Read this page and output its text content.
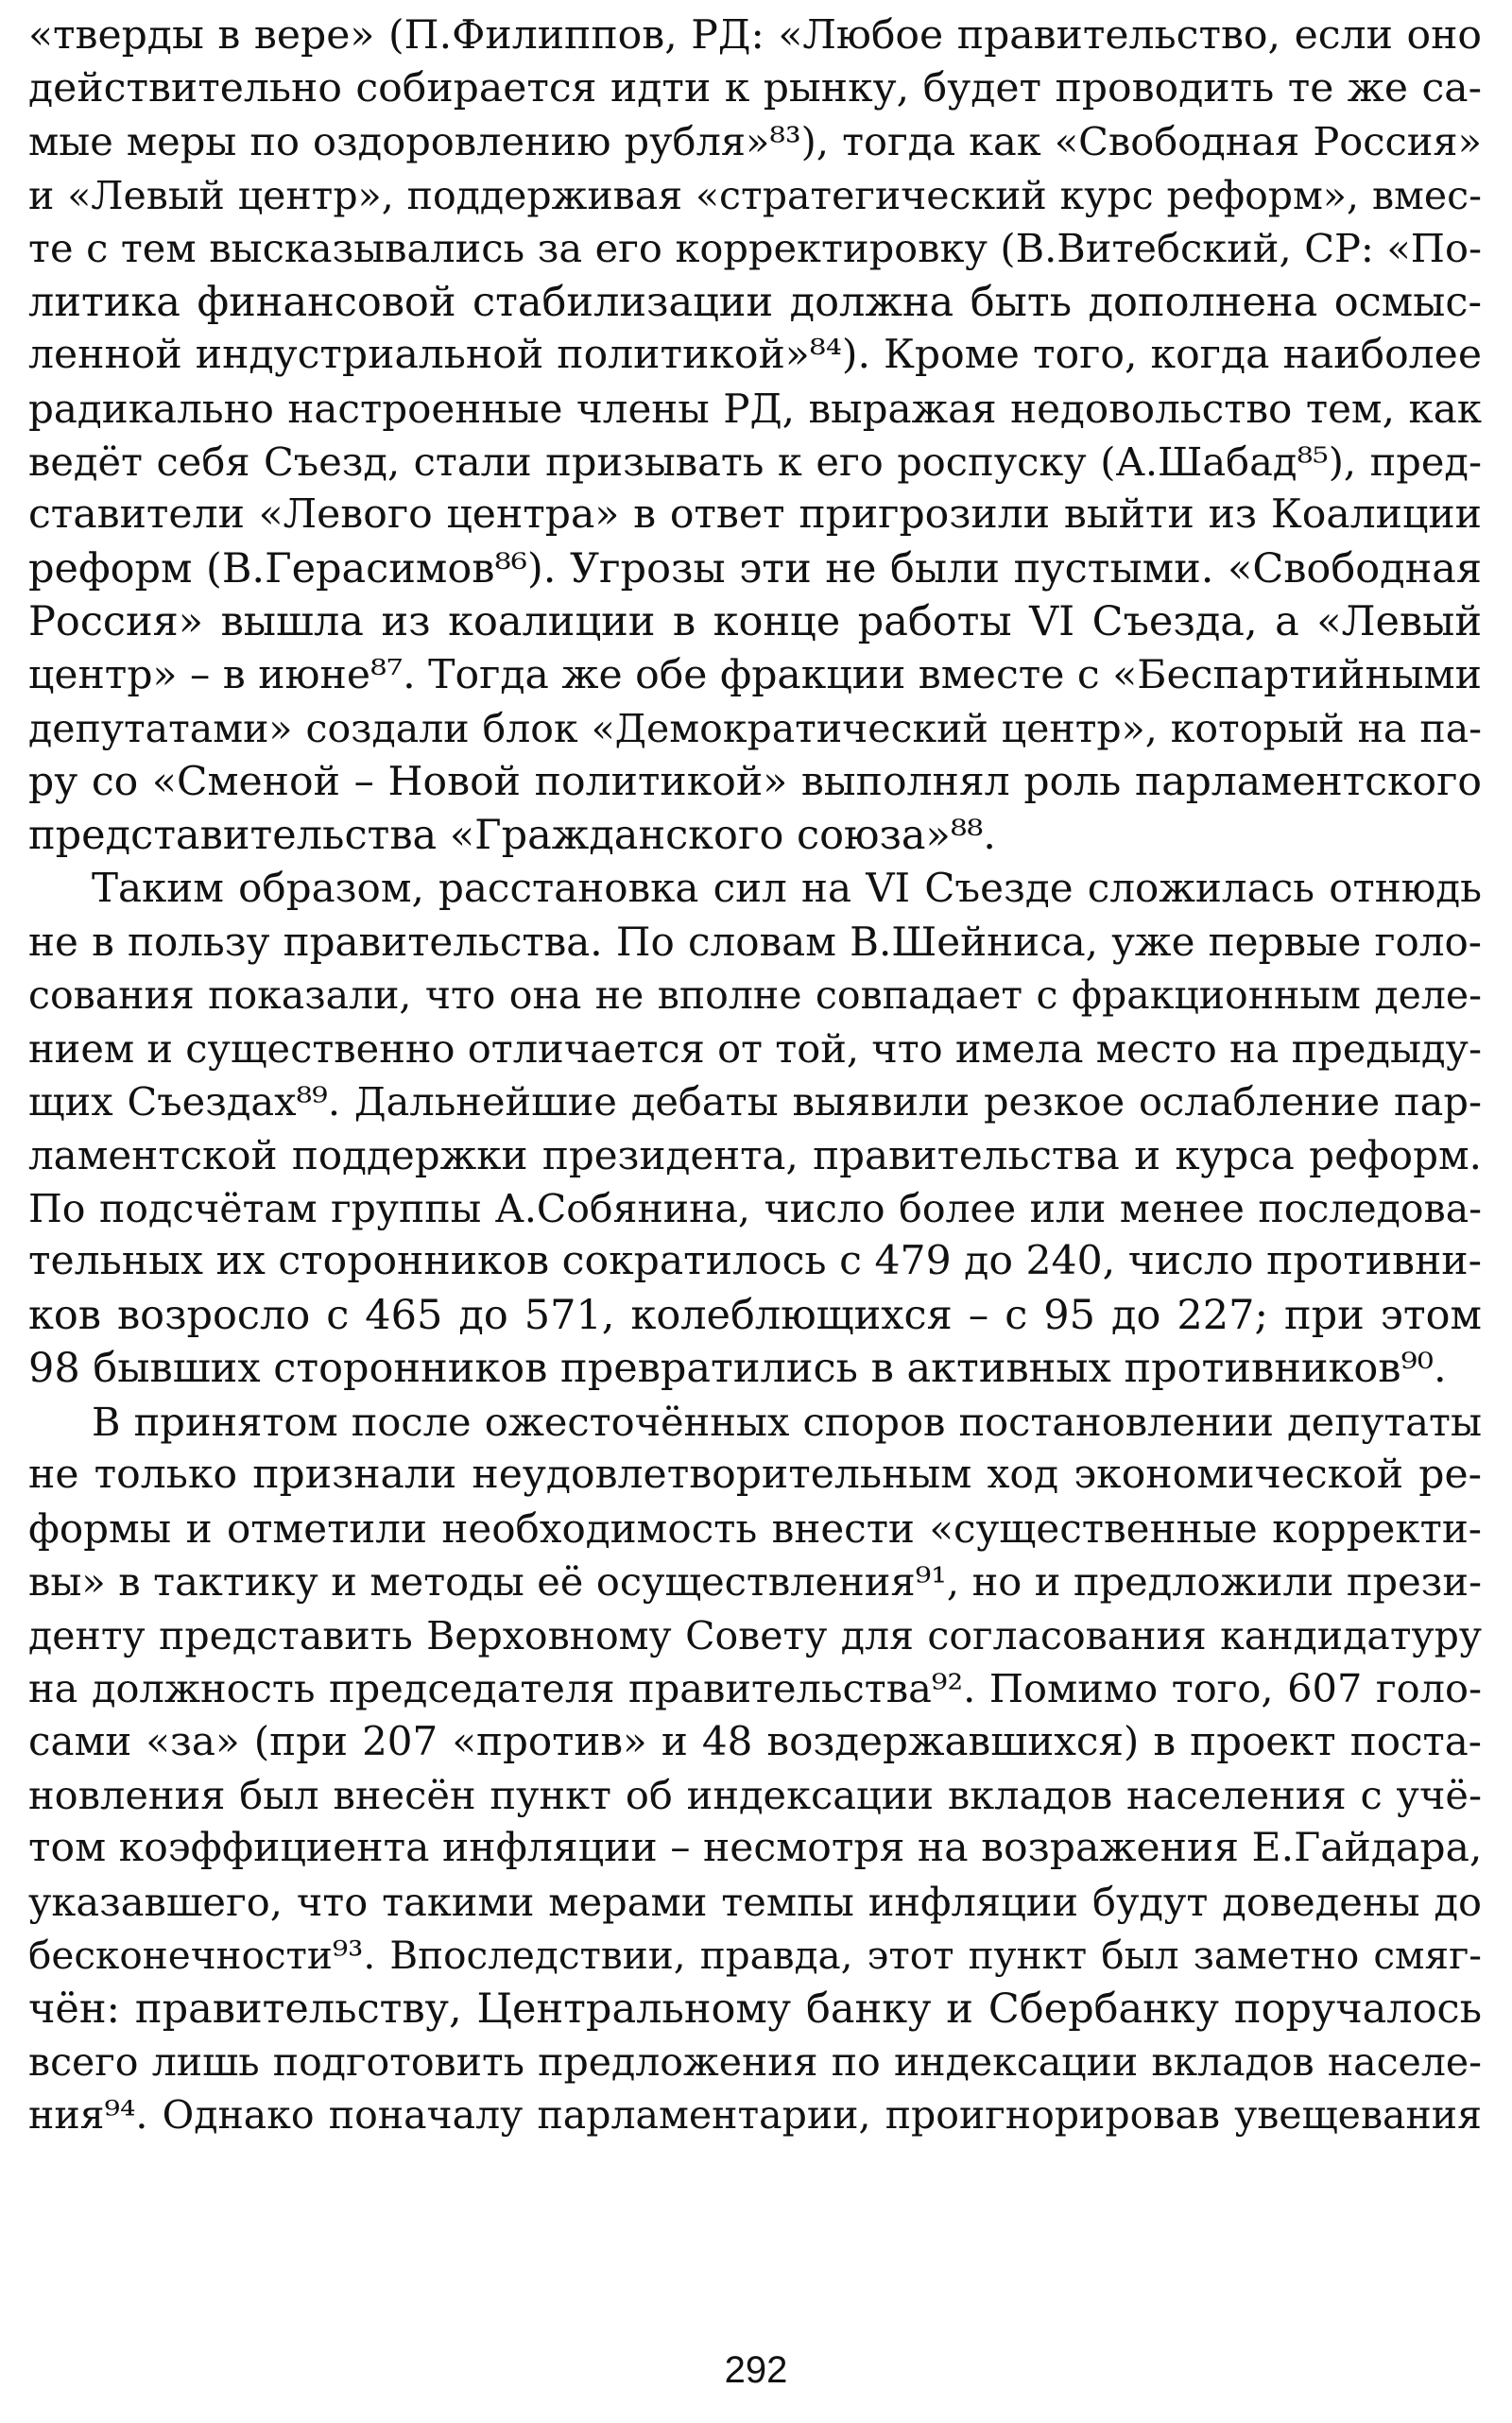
«тверды в вере» (П.Филиппов, РД: «Любое правительство, если оно
действительно собирается идти к рынку, будет проводить те же са-
мые меры по оздоровлению рубля»⁸³), тогда как «Свободная Россия»
и «Левый центр», поддерживая «стратегический курс реформ», вмес-
те с тем высказывались за его корректировку (В.Витебский, СР: «По-
литика финансовой стабилизации должна быть дополнена осмыс-
ленной индустриальной политикой»⁸⁴). Кроме того, когда наиболее
радикально настроенные члены РД, выражая недовольство тем, как
ведёт себя Съезд, стали призывать к его роспуску (А.Шабад⁸⁵), пред-
ставители «Левого центра» в ответ пригрозили выйти из Коалиции
реформ (В.Герасимов⁸⁶). Угрозы эти не были пустыми. «Свободная
Россия» вышла из коалиции в конце работы VI Съезда, а «Левый
центр» – в июне⁸⁷. Тогда же обе фракции вместе с «Беспартийными
депутатами» создали блок «Демократический центр», который на па-
ру со «Сменой – Новой политикой» выполнял роль парламентского
представительства «Гражданского союза»⁸⁸.
Таким образом, расстановка сил на VI Съезде сложилась отнюдь
не в пользу правительства. По словам В.Шейниса, уже первые голо-
сования показали, что она не вполне совпадает с фракционным деле-
нием и существенно отличается от той, что имела место на предыду-
щих Съездах⁸⁹. Дальнейшие дебаты выявили резкое ослабление пар-
ламентской поддержки президента, правительства и курса реформ.
По подсчётам группы А.Собянина, число более или менее последова-
тельных их сторонников сократилось с 479 до 240, число противни-
ков возросло с 465 до 571, колеблющихся – с 95 до 227; при этом
98 бывших сторонников превратились в активных противников⁹⁰.
В принятом после ожесточённых споров постановлении депутаты
не только признали неудовлетворительным ход экономической ре-
формы и отметили необходимость внести «существенные корректи-
вы» в тактику и методы её осуществления⁹¹, но и предложили прези-
денту представить Верховному Совету для согласования кандидатуру
на должность председателя правительства⁹². Помимо того, 607 голо-
сами «за» (при 207 «против» и 48 воздержавшихся) в проект поста-
новления был внесён пункт об индексации вкладов населения с учё-
том коэффициента инфляции – несмотря на возражения Е.Гайдара,
указавшего, что такими мерами темпы инфляции будут доведены до
бесконечности⁹³. Впоследствии, правда, этот пункт был заметно смяг-
чён: правительству, Центральному банку и Сбербанку поручалось
всего лишь подготовить предложения по индексации вкладов населе-
ния⁹⁴. Однако поначалу парламентарии, проигнорировав увещевания
292
